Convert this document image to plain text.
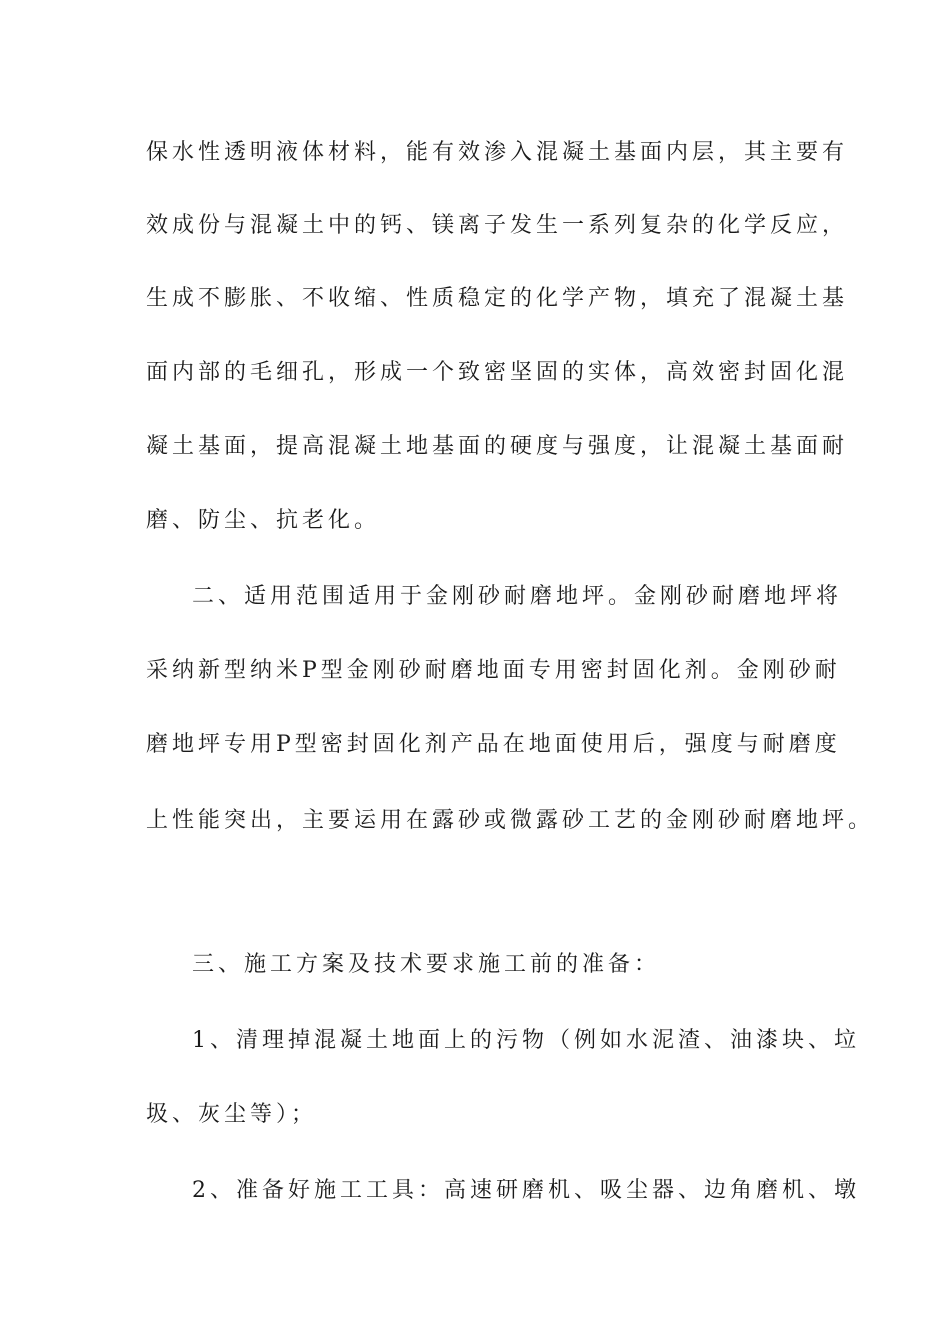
保水性透明液体材料，能有效渗入混凝土基面内层，其主要有
效成份与混凝土中的钙、镁离子发生一系列复杂的化学反应，
生成不膨胀、不收缩、性质稳定的化学产物，填充了混凝土基
面内部的毛细孔，形成一个致密坚固的实体，高效密封固化混
凝土基面，提高混凝土地基面的硬度与强度，让混凝土基面耐
磨、防尘、抗老化。
二、适用范围适用于金刚砂耐磨地坪。金刚砂耐磨地坪将
采纳新型纳米P型金刚砂耐磨地面专用密封固化剂。金刚砂耐
磨地坪专用P型密封固化剂产品在地面使用后，强度与耐磨度
上性能突出，主要运用在露砂或微露砂工艺的金刚砂耐磨地坪。
三、施工方案及技术要求施工前的准备：
1、清理掉混凝土地面上的污物（例如水泥渣、油漆块、垃
圾、灰尘等）；
2、准备好施工工具：高速研磨机、吸尘器、边角磨机、墩
